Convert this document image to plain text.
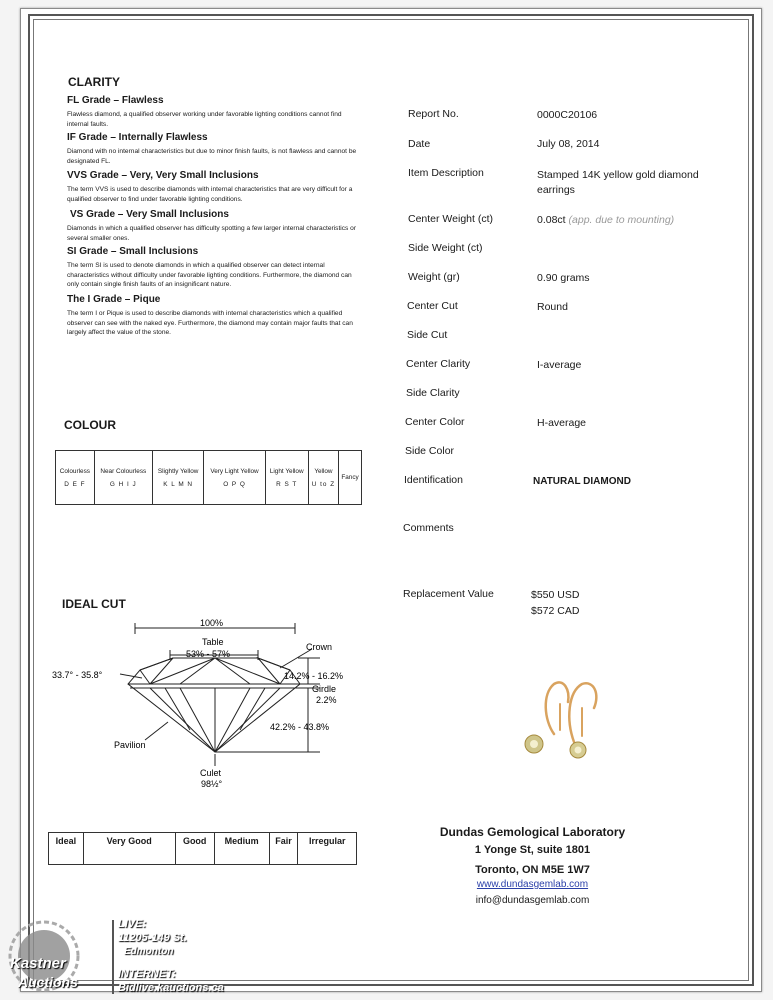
CLARITY
FL Grade – Flawless
Flawless diamond, a qualified observer working under favorable lighting conditions cannot find internal faults.
IF Grade – Internally Flawless
Diamond with no internal characteristics but due to minor finish faults, is not flawless and cannot be designated FL.
VVS Grade – Very, Very Small Inclusions
The term VVS is used to describe diamonds with internal characteristics that are very difficult for a qualified observer to find under favorable lighting conditions.
VS Grade – Very Small Inclusions
Diamonds in which a qualified observer has difficulty spotting a few larger internal characteristics or several smaller ones.
SI Grade – Small Inclusions
The term SI is used to denote diamonds in which a qualified observer can detect internal characteristics without difficulty under favorable lighting conditions. Furthermore, the diamond can only contain single finish faults of an insignificant nature.
The I Grade – Pique
The term I or Pique is used to describe diamonds with internal characteristics which a qualified observer can see with the naked eye. Furthermore, the diamond may contain major faults that can largely affect the value of the stone.
COLOUR
Colourless
D E F

Near Colourless
G H I J

Slightly Yellow
K L M N

Very Light Yellow
O P Q

Light Yellow
R S T

Yellow
U to Z

Fancy
IDEAL CUT
100%
Table
53% - 57%
Crown
33.7° - 35.8°	14.2% - 16.2%
Girdle
2.2%
42.2% - 43.8%
Pavilion
Culet
98½°
Ideal	Very Good	Good	Medium	Fair	Irregular
Report No.	0000C20106
Date	July 08, 2014
Item Description	Stamped 14K yellow gold diamond earrings
Center Weight (ct)	0.08ct (app. due to mounting)
Side Weight (ct)
Weight (gr)	0.90 grams
Center Cut	Round
Side Cut
Center Clarity	I-average
Side Clarity
Center Color	H-average
Side Color
Identification	NATURAL DIAMOND
Comments
Replacement Value	$550 USD
$572 CAD
Dundas Gemological Laboratory
1 Yonge St, suite 1801
Toronto, ON M5E 1W7
www.dundasgemlab.com
info@dundasgemlab.com
Kastner
Auctions
LIVE:
11205-149 St.
Edmonton
INTERNET:
Bidlive.kauctions.ca
